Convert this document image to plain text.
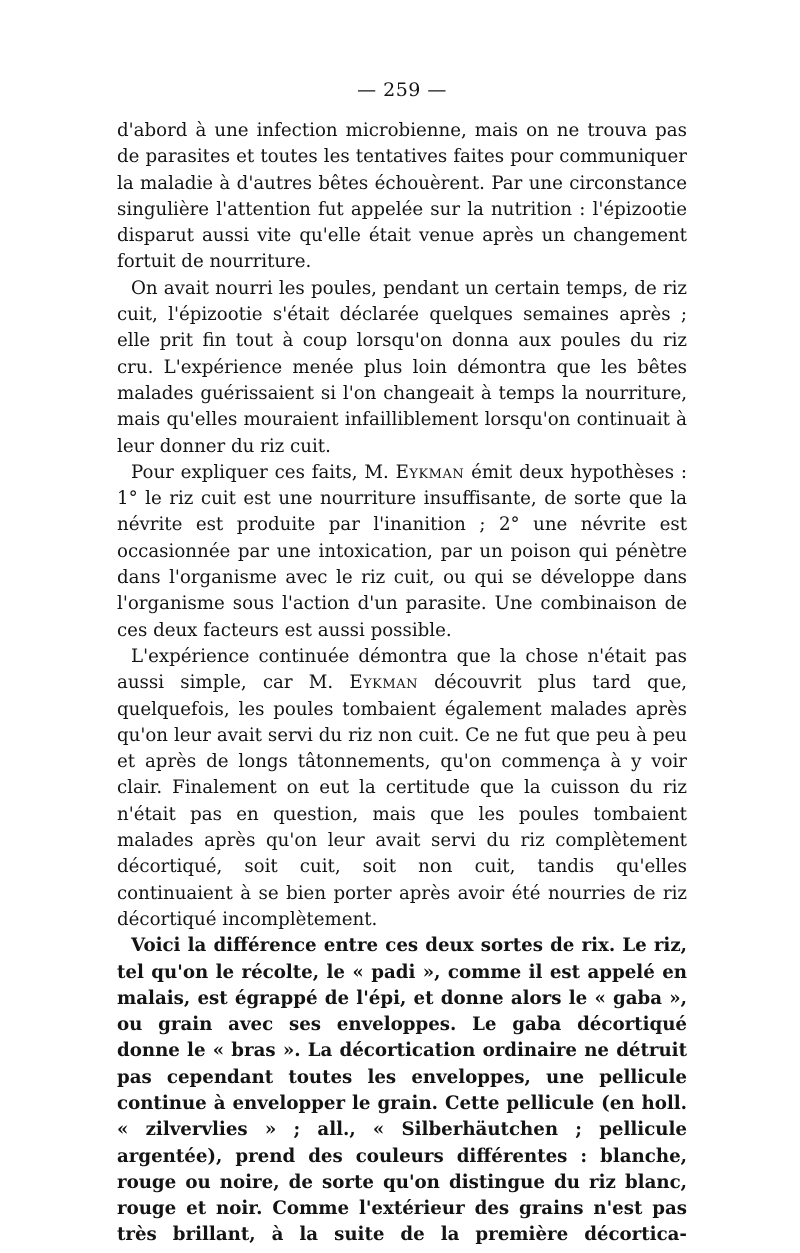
— 259 —

d'abord à une infection microbienne, mais on ne trouva pas de parasites et toutes les tentatives faites pour communiquer la maladie à d'autres bêtes échouèrent. Par une circonstance singulière l'attention fut appelée sur la nutrition : l'épizootie disparut aussi vite qu'elle était venue après un changement fortuit de nourriture.

On avait nourri les poules, pendant un certain temps, de riz cuit, l'épizootie s'était déclarée quelques semaines après ; elle prit fin tout à coup lorsqu'on donna aux poules du riz cru. L'expérience menée plus loin démontra que les bêtes malades guérissaient si l'on changeait à temps la nourriture, mais qu'elles mouraient infailliblement lorsqu'on continuait à leur donner du riz cuit.

Pour expliquer ces faits, M. Eykman émit deux hypothèses : 1° le riz cuit est une nourriture insuffisante, de sorte que la névrite est produite par l'inanition ; 2° une névrite est occasionnée par une intoxication, par un poison qui pénètre dans l'organisme avec le riz cuit, ou qui se développe dans l'organisme sous l'action d'un parasite. Une combinaison de ces deux facteurs est aussi possible.

L'expérience continuée démontra que la chose n'était pas aussi simple, car M. Eykman découvrit plus tard que, quelquefois, les poules tombaient également malades après qu'on leur avait servi du riz non cuit. Ce ne fut que peu à peu et après de longs tâtonnements, qu'on commença à y voir clair. Finalement on eut la certitude que la cuisson du riz n'était pas en question, mais que les poules tombaient malades après qu'on leur avait servi du riz complètement décortiqué, soit cuit, soit non cuit, tandis qu'elles continuaient à se bien porter après avoir été nourries de riz décortiqué incomplètement.

Voici la différence entre ces deux sortes de rix. Le riz, tel qu'on le récolte, le « padi », comme il est appelé en malais, est égrappé de l'épi, et donne alors le « gaba », ou grain avec ses enveloppes. Le gaba décortiqué donne le « bras ». La décortication ordinaire ne détruit pas cependant toutes les enveloppes, une pellicule continue à envelopper le grain. Cette pellicule (en holl. « zilvervlies » ; all., « Silberhäutchen ; pellicule argentée), prend des couleurs différentes : blanche, rouge ou noire, de sorte qu'on distingue du riz blanc, rouge et noir. Comme l'extérieur des grains n'est pas très brillant, à la suite de la première décortica-
